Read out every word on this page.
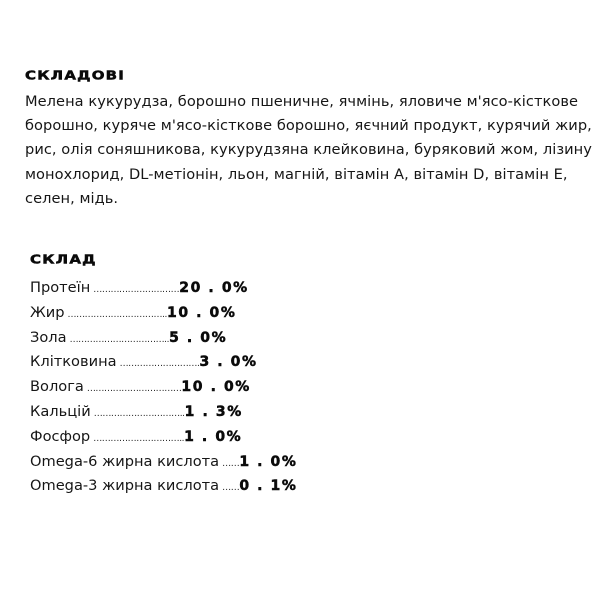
СКЛАДОВІ
Мелена кукурудза, борошно пшеничне, ячмінь, яловиче м'ясо-кісткове
борошно, куряче м'ясо-кісткове борошно, яєчний продукт, курячий жир,
рис, олія соняшникова, кукурудзяна клейковина, буряковий жом, лізину
монохлорид, DL-метіонін, льон, магній, вітамін A, вітамін D, вітамін E,
селен, мідь.
СКЛАД
Протеїн ………………………… 20 . 0%
Жир …………………………….. 10 . 0%
Зола …………………………….. 5 . 0%
Клітковина ………………………. 3 . 0%
Волога …………………………… 10 . 0%
Кальцій ………………………….. 1 . 3%
Фосфор ………………………….. 1 . 0%
Omega-6 жирна кислота …… 1 . 0%
Omega-3 жирна кислота …… 0 . 1%
